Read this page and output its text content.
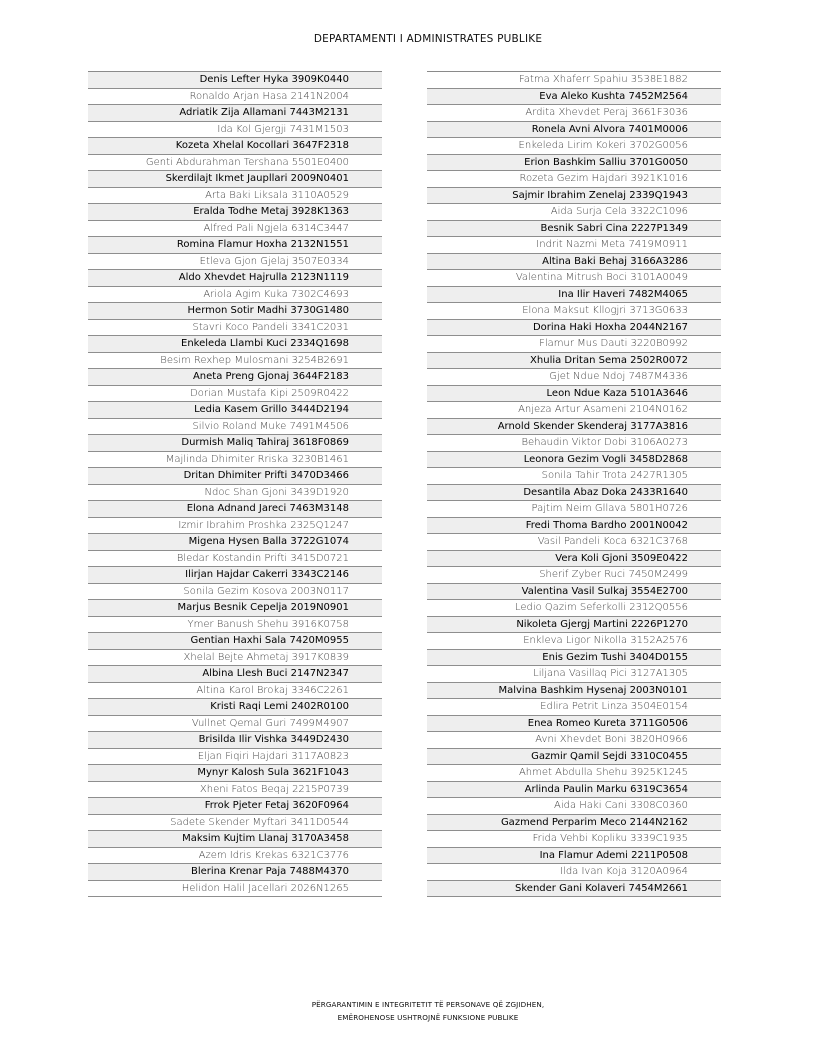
DEPARTAMENTI I ADMINISTRATES PUBLIKE
Denis Lefter Hyka 3909K0440
Ronaldo Arjan Hasa 2141N2004
Adriatik Zija Allamani 7443M2131
Ida Kol Gjergji 7431M1503
Kozeta Xhelal Kocollari 3647F2318
Genti Abdurahman Tershana 5501E0400
Skerdilajt Ikmet Jaupllari 2009N0401
Arta Baki Liksala 3110A0529
Eralda Todhe Metaj 3928K1363
Alfred Pali Ngjela 6314C3447
Romina Flamur Hoxha 2132N1551
Etleva Gjon Gjelaj 3507E0334
Aldo Xhevdet Hajrulla 2123N1119
Ariola Agim Kuka 7302C4693
Hermon Sotir Madhi 3730G1480
Stavri Koco Pandeli 3341C2031
Enkeleda Llambi Kuci 2334Q1698
Besim Rexhep Mulosmani 3254B2691
Aneta Preng Gjonaj 3644F2183
Dorian Mustafa Kipi 2509R0422
Ledia Kasem Grillo 3444D2194
Silvio Roland Muke 7491M4506
Durmish Maliq Tahiraj 3618F0869
Majlinda Dhimiter Rriska 3230B1461
Dritan Dhimiter Prifti 3470D3466
Ndoc Shan Gjoni 3439D1920
Elona Adnand Jareci 7463M3148
Izmir Ibrahim Proshka 2325Q1247
Migena Hysen Balla 3722G1074
Bledar Kostandin Prifti 3415D0721
Ilirjan Hajdar Cakerri 3343C2146
Sonila Gezim Kosova 2003N0117
Marjus Besnik Cepelja 2019N0901
Ymer Banush Shehu 3916K0758
Gentian Haxhi Sala 7420M0955
Xhelal Bejte Ahmetaj 3917K0839
Albina Llesh Buci 2147N2347
Altina Karol Brokaj 3346C2261
Kristi Raqi Lemi 2402R0100
Vullnet Qemal Guri 7499M4907
Brisilda Ilir Vishka 3449D2430
Eljan Fiqiri Hajdari 3117A0823
Mynyr Kalosh Sula 3621F1043
Xheni Fatos Beqaj 2215P0739
Frrok Pjeter Fetaj 3620F0964
Sadete Skender Myftari 3411D0544
Maksim Kujtim Llanaj 3170A3458
Azem Idris Krekas 6321C3776
Blerina Krenar Paja 7488M4370
Helidon Halil Jacellari 2026N1265
Fatma Xhaferr Spahiu 3538E1882
Eva Aleko Kushta 7452M2564
Ardita Xhevdet Peraj 3661F3036
Ronela Avni Alvora 7401M0006
Enkeleda Lirim Kokeri 3702G0056
Erion Bashkim Salliu 3701G0050
Rozeta Gezim Hajdari 3921K1016
Sajmir Ibrahim Zenelaj 2339Q1943
Aida Surja Cela 3322C1096
Besnik Sabri Cina 2227P1349
Indrit Nazmi Meta 7419M0911
Altina Baki Behaj 3166A3286
Valentina Mitrush Boci 3101A0049
Ina Ilir Haveri 7482M4065
Elona Maksut Kllogjri 3713G0633
Dorina Haki Hoxha 2044N2167
Flamur Mus Dauti 3220B0992
Xhulia Dritan Sema 2502R0072
Gjet Ndue Ndoj 7487M4336
Leon Ndue Kaza 5101A3646
Anjeza Artur Asameni 2104N0162
Arnold Skender Skenderaj 3177A3816
Behaudin Viktor Dobi 3106A0273
Leonora Gezim Vogli 3458D2868
Sonila Tahir Trota 2427R1305
Desantila Abaz Doka 2433R1640
Pajtim Neim Gllava 5801H0726
Fredi Thoma Bardho 2001N0042
Vasil Pandeli Koca 6321C3768
Vera Koli Gjoni 3509E0422
Sherif Zyber Ruci 7450M2499
Valentina Vasil Sulkaj 3554E2700
Ledio Qazim Seferkolli 2312Q0556
Nikoleta Gjergj Martini 2226P1270
Enkleva Ligor Nikolla 3152A2576
Enis Gezim Tushi 3404D0155
Liljana Vasillaq Pici 3127A1305
Malvina Bashkim Hysenaj 2003N0101
Edlira Petrit Linza 3504E0154
Enea Romeo Kureta 3711G0506
Avni Xhevdet Boni 3820H0966
Gazmir Qamil Sejdi 3310C0455
Ahmet Abdulla Shehu 3925K1245
Arlinda Paulin Marku 6319C3654
Aida Haki Cani 3308C0360
Gazmend Perparim Meco 2144N2162
Frida Vehbi Kopliku 3339C1935
Ina Flamur Ademi 2211P0508
Ilda Ivan Koja 3120A0964
Skender Gani Kolaveri 7454M2661
PËRGARANTIMIN E INTEGRITETIT TË PERSONAVE QË ZGJIDHEN,
EMËROHENOSE USHTROJNË FUNKSIONE PUBLIKE
